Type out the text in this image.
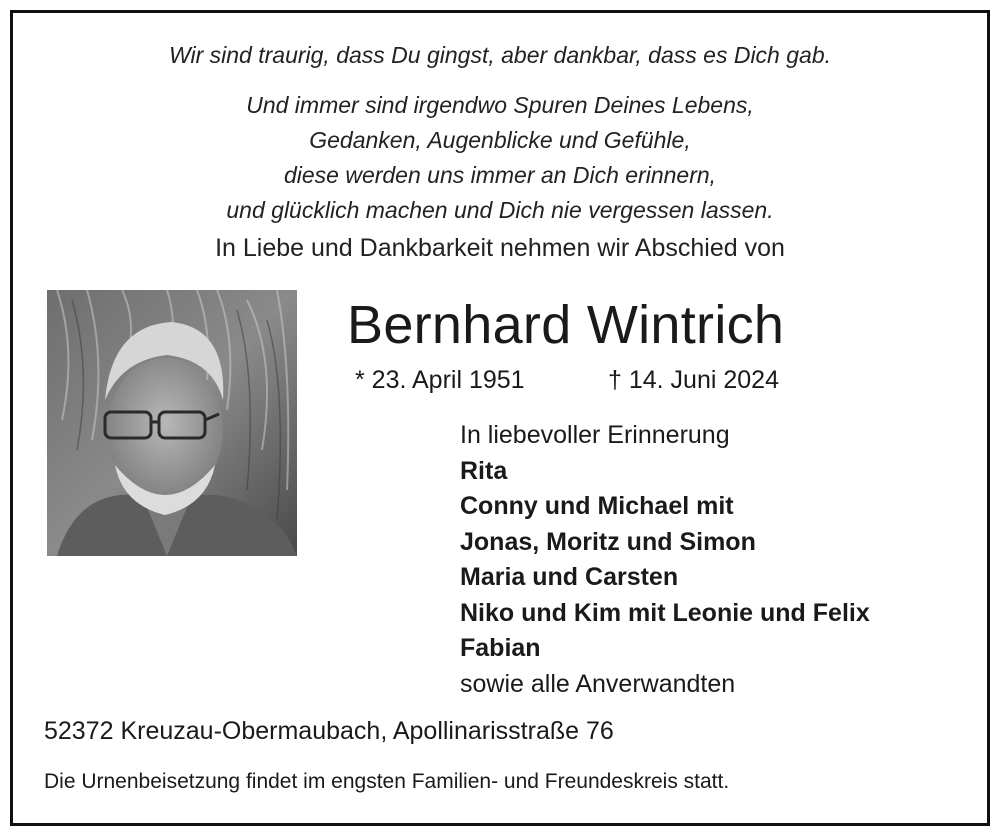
Wir sind traurig, dass Du gingst, aber dankbar, dass es Dich gab.
Und immer sind irgendwo Spuren Deines Lebens,
Gedanken, Augenblicke und Gefühle,
diese werden uns immer an Dich erinnern,
und glücklich machen und Dich nie vergessen lassen.
In Liebe und Dankbarkeit nehmen wir Abschied von
Bernhard Wintrich
* 23. April 1951	† 14. Juni 2024
In liebevoller Erinnerung
Rita
Conny und Michael mit
Jonas, Moritz und Simon
Maria und Carsten
Niko und Kim mit Leonie und Felix
Fabian
sowie alle Anverwandten
52372 Kreuzau-Obermaubach, Apollinarisstraße 76
Die Urnenbeisetzung findet im engsten Familien- und Freundeskreis statt.
